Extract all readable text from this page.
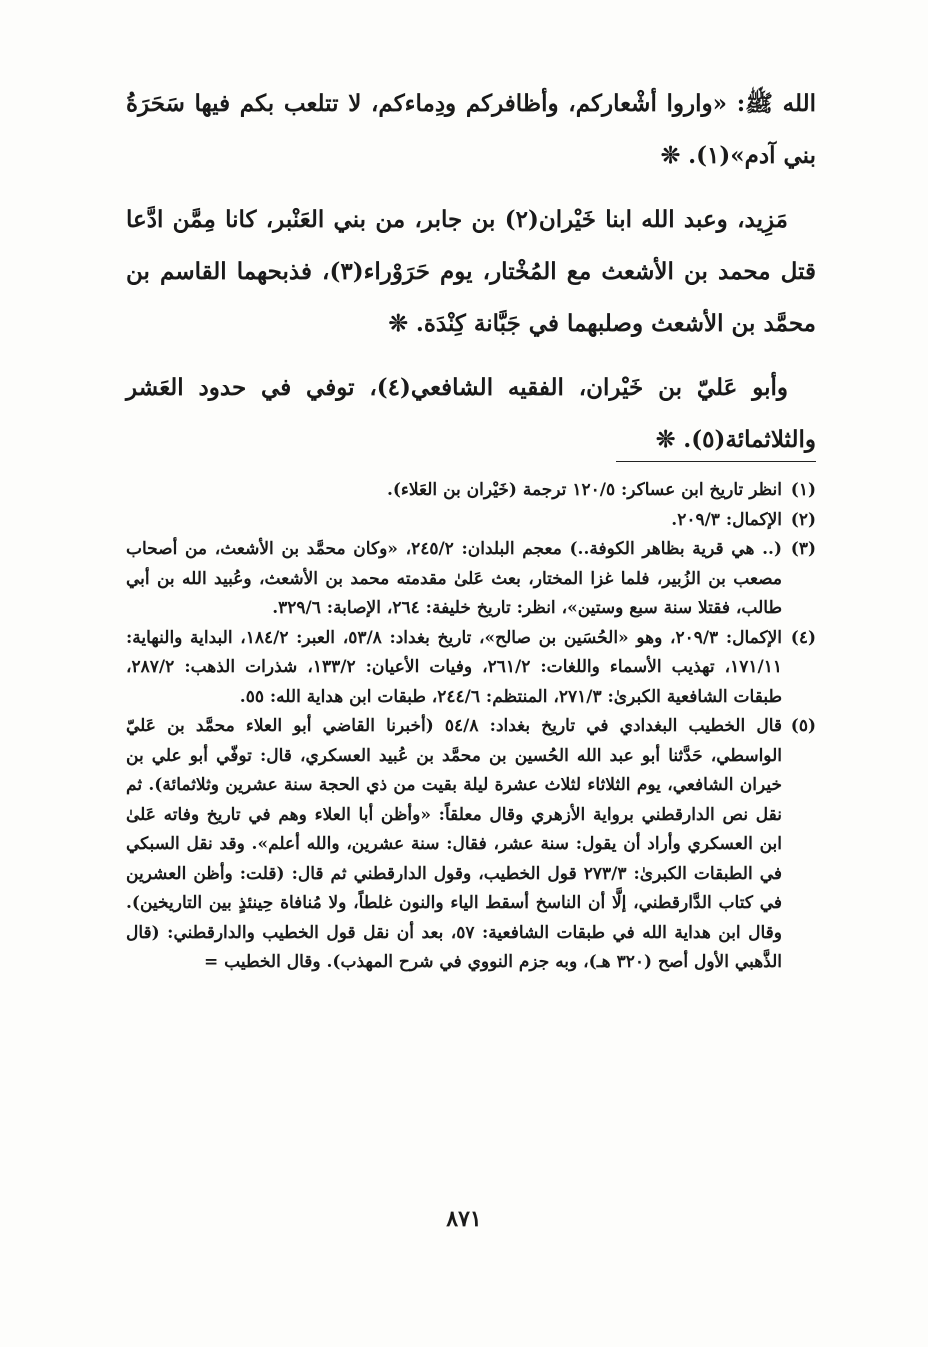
الله ﷺ: «واروا أشْعاركم، وأظافركم ودِماءكم، لا تتلعب بكم فيها سَحَرَةُ بني آدم»(١). ❊

مَزِيد، وعبد الله ابنا خَيْران(٢) بن جابر، من بني العَنْبر، كانا مِمَّن ادَّعا قتل محمد بن الأشعث مع المُخْتار، يوم حَرَوْراء(٣)، فذبحهما القاسم بن محمَّد بن الأشعث وصلبهما في جَبَّانة كِنْدَة. ❊

وأبو عَليّ بن خَيْران، الفقيه الشافعي(٤)، توفي في حدود العَشر والثلاثمائة(٥). ❊

(١)
انظر تاريخ ابن عساكر: ١٢٠/٥ ترجمة (خَيْران بن العَلاء).
(٢)
الإكمال: ٢٠٩/٣.
(٣)
(.. هي قرية بظاهر الكوفة..) معجم البلدان: ٢٤٥/٢، «وكان محمَّد بن الأشعث، من أصحاب مصعب بن الزُبير، فلما غزا المختار، بعث عَلىٰ مقدمته محمد بن الأشعث، وعُبيد الله بن أبي طالب، فقتلا سنة سبع وستين»، انظر: تاريخ خليفة: ٢٦٤، الإصابة: ٣٢٩/٦.
(٤)
الإكمال: ٢٠٩/٣، وهو «الحُسَين بن صالح»، تاريخ بغداد: ٥٣/٨، العبر: ١٨٤/٢، البداية والنهاية: ١٧١/١١، تهذيب الأسماء واللغات: ٢٦١/٢، وفيات الأعيان: ١٣٣/٢، شذرات الذهب: ٢٨٧/٢، طبقات الشافعية الكبرىٰ: ٢٧١/٣، المنتظم: ٢٤٤/٦، طبقات ابن هداية الله: ٥٥.
(٥)
قال الخطيب البغدادي في تاريخ بغداد: ٥٤/٨ (أخبرنا القاضي أبو العلاء محمَّد بن عَليّ الواسطي، حَدَّثنا أبو عبد الله الحُسين بن محمَّد بن عُبيد العسكري، قال: توفّي أبو علي بن خيران الشافعي، يوم الثلاثاء لثلاث عشرة ليلة بقيت من ذي الحجة سنة عشرين وثلاثمائة). ثم نقل نص الدارقطني برواية الأزهري وقال معلقاً: «وأظن أبا العلاء وهم في تاريخ وفاته عَلىٰ ابن العسكري وأراد أن يقول: سنة عشر، فقال: سنة عشرين، والله أعلم». وقد نقل السبكي في الطبقات الكبرىٰ: ٢٧٣/٣ قول الخطيب، وقول الدارقطني ثم قال: (قلت: وأظن العشرين في كتاب الدَّارقطني، إلَّا أن الناسخ أسقط الياء والنون غلطاً، ولا مُنافاة حِينئذٍ بين التاريخين). وقال ابن هداية الله في طبقات الشافعية: ٥٧، بعد أن نقل قول الخطيب والدارقطني: (قال الذَّهبي الأول أصح (٣٢٠ هـ)، وبه جزم النووي في شرح المهذب). وقال الخطيب =
٨٧١
